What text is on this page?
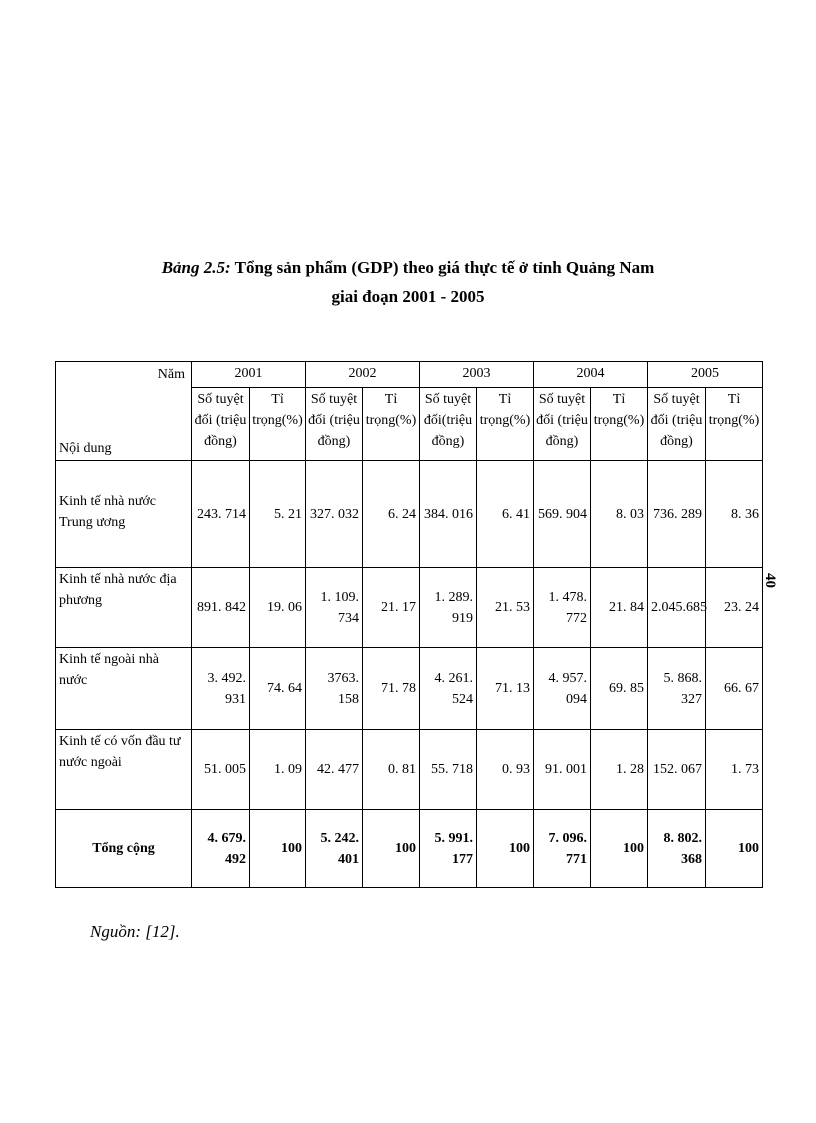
Bảng 2.5: Tổng sản phẩm (GDP) theo giá thực tế ở tỉnh Quảng Nam
giai đoạn 2001 - 2005
Năm
Nội dung	2001		2002		2003		2004		2005	
	Số tuyệt đối (triệu đồng)	Tỉ trọng(%)	Số tuyệt đối (triệu đồng)	Tỉ trọng(%)	Số tuyệt đối(triệu đồng)	Tỉ trọng(%)	Số tuyệt đối (triệu đồng)	Tỉ trọng(%)	Số tuyệt đối (triệu đồng)	Tỉ trọng(%)
Kinh tế nhà nước Trung ương	243. 714	5. 21	327. 032	6. 24	384. 016	6. 41	569. 904	8. 03	736. 289	8. 36
Kinh tế nhà nước địa phương	891. 842	19. 06	1. 109. 734	21. 17	1. 289. 919	21. 53	1. 478. 772	21. 84	2.045.685	23. 24
Kinh tế ngoài nhà nước	3. 492. 931	74. 64	3763. 158	71. 78	4. 261. 524	71. 13	4. 957. 094	69. 85	5. 868. 327	66. 67
Kinh tế có vốn đầu tư nước ngoài	51. 005	1. 09	42. 477	0. 81	55. 718	0. 93	91. 001	1. 28	152. 067	1. 73
Tổng cộng	4. 679. 492	100	5. 242. 401	100	5. 991. 177	100	7. 096. 771	100	8. 802. 368	100
40
Nguồn: [12].
